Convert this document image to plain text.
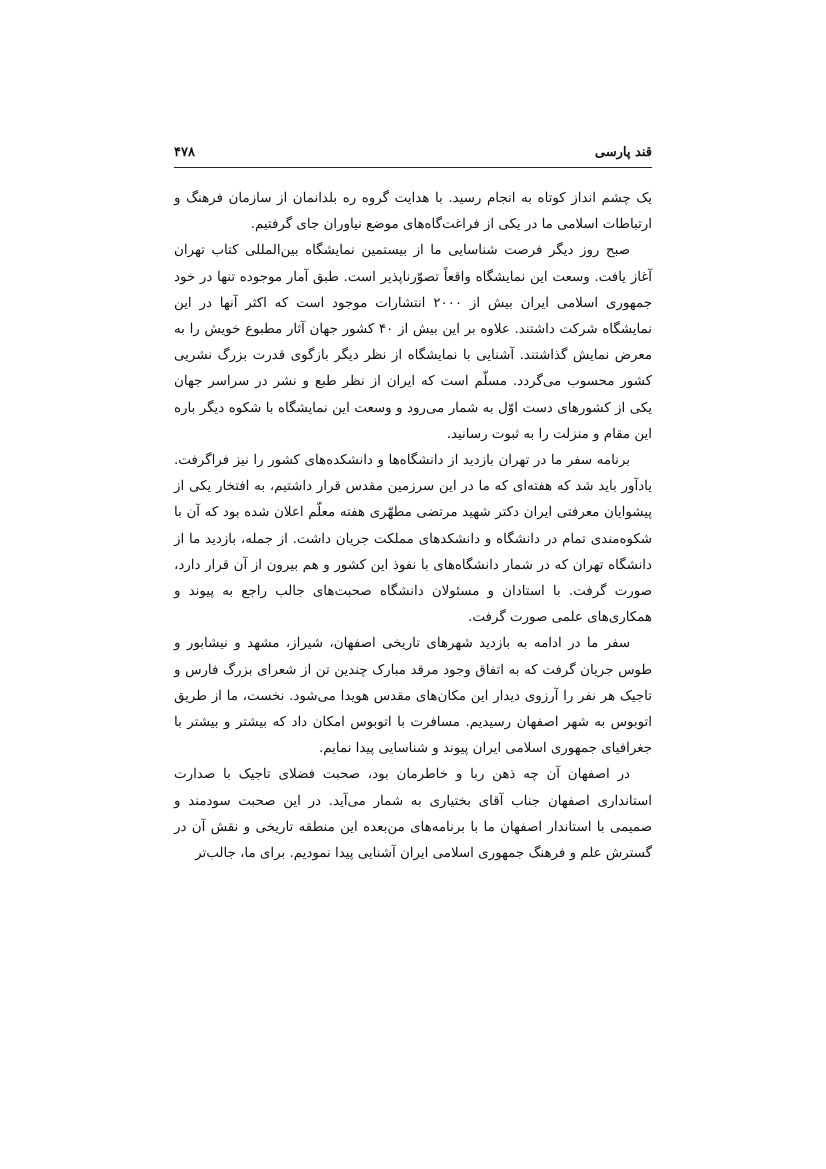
قند پارسی
۴۷۸

یک چشم انداز کوتاه به انجام رسید. با هدایت گروه ره بلدانمان از سازمان فرهنگ و ارتباطات اسلامی ما در یکی از فراغت‌گاه‌های موضع نیاوران جای گرفتیم.

صبح روز دیگر فرصت شناسایی ما از بیستمین نمایشگاه بین‌المللی کتاب تهران آغاز یافت. وسعت این نمایشگاه واقعاً تصوّرناپذیر است. طبق آمار موجوده تنها در خود جمهوری اسلامی ایران بیش از ۲۰۰۰ انتشارات موجود است که اکثر آنها در این نمایشگاه شرکت داشتند. علاوه بر این بیش از ۴۰ کشور جهان آثار مطبوع خویش را به معرض نمایش گذاشتند. آشنایی با نمایشگاه از نظر دیگر بازگوی قدرت بزرگ نشریی کشور محسوب می‌گردد. مسلّم است که ایران از نظر طبع و نشر در سراسر جهان یکی از کشورهای دست اوّل به شمار می‌رود و وسعت این نمایشگاه با شکوه دیگر باره این مقام و منزلت را به ثبوت رسانید.

برنامه سفر ما در تهران بازدید از دانشگاه‌ها و دانشکده‌های کشور را نیز فراگرفت. یادآور باید شد که هفته‌ای که ما در این سرزمین مقدس قرار داشتیم، به افتخار یکی از پیشوایان معرفتی ایران دکتر شهید مرتضی مطهّری هفته معلّم اعلان شده بود که آن با شکوه‌مندی تمام در دانشگاه و دانشکدهای مملکت جریان داشت. از جمله، بازدید ما از دانشگاه تهران که در شمار دانشگاه‌های با نفوذ این کشور و هم بیرون از آن قرار دارد، صورت گرفت. با استادان و مسئولان دانشگاه صحبت‌های جالب راجع به پیوند و همکاری‌های علمی صورت گرفت.

سفر ما در ادامه به بازدید شهرهای تاریخی اصفهان، شیراز، مشهد و نیشابور و طوس جریان گرفت که به اتفاق وجود مرقد مبارک چندین تن از شعرای بزرگ فارس و تاجیک هر نفر را آرزوی دیدار این مکان‌های مقدس هویدا می‌شود. نخست، ما از طریق اتوبوس به شهر اصفهان رسیدیم. مسافرت با اتوبوس امکان داد که بیشتر و بیشتر با جغرافیای جمهوری اسلامی ایران پیوند و شناسایی پیدا نمایم.

در اصفهان آن چه ذهن ربا و خاطرمان بود، صحبت فضلای تاجیک با صدارت استانداری اصفهان جناب آقای بختیاری به شمار می‌آید. در این صحبت سودمند و صمیمی با استاندار اصفهان ما با برنامه‌های من‌بعده این منطقه تاریخی و نقش آن در گسترش علم و فرهنگ جمهوری اسلامی ایران آشنایی پیدا نمودیم. برای ما، جالب‌تر
